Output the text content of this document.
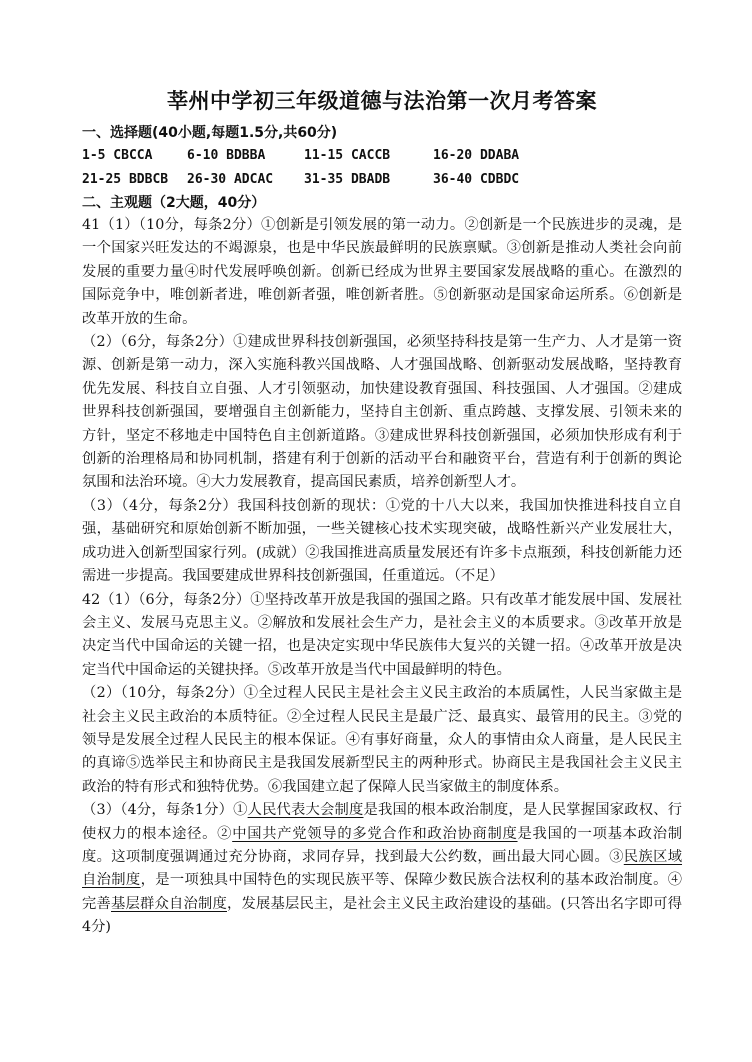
莘州中学初三年级道德与法治第一次月考答案

一、选择题(40小题,每题1.5分,共60分)

1-5 CBCCA	6-10 BDBBA	11-15 CACCB	16-20 DDABA
21-25 BDBCB	26-30 ADCAC	31-35 DBADB	36-40 CDBDC

二、主观题（2大题，40分）

41（1）（10分，每条2分）①创新是引领发展的第一动力。②创新是一个民族进步的灵魂，是一个国家兴旺发达的不竭源泉，也是中华民族最鲜明的民族禀赋。③创新是推动人类社会向前发展的重要力量④时代发展呼唤创新。创新已经成为世界主要国家发展战略的重心。在激烈的国际竞争中，唯创新者进，唯创新者强，唯创新者胜。⑤创新驱动是国家命运所系。⑥创新是改革开放的生命。

（2）（6分，每条2分）①建成世界科技创新强国，必须坚持科技是第一生产力、人才是第一资源、创新是第一动力，深入实施科教兴国战略、人才强国战略、创新驱动发展战略，坚持教育优先发展、科技自立自强、人才引领驱动，加快建设教育强国、科技强国、人才强国。②建成世界科技创新强国，要增强自主创新能力，坚持自主创新、重点跨越、支撑发展、引领未来的方针，坚定不移地走中国特色自主创新道路。③建成世界科技创新强国，必须加快形成有利于创新的治理格局和协同机制，搭建有利于创新的活动平台和融资平台，营造有利于创新的舆论氛围和法治环境。④大力发展教育，提高国民素质，培养创新型人才。

（3）（4分，每条2分）我国科技创新的现状：①党的十八大以来，我国加快推进科技自立自强，基础研究和原始创新不断加强，一些关键核心技术实现突破，战略性新兴产业发展壮大，成功进入创新型国家行列。(成就）②我国推进高质量发展还有许多卡点瓶颈，科技创新能力还需进一步提高。我国要建成世界科技创新强国，任重道远。（不足）

42（1）（6分，每条2分）①坚持改革开放是我国的强国之路。只有改革才能发展中国、发展社会主义、发展马克思主义。②解放和发展社会生产力，是社会主义的本质要求。③改革开放是决定当代中国命运的关键一招，也是决定实现中华民族伟大复兴的关键一招。④改革开放是决定当代中国命运的关键抉择。⑤改革开放是当代中国最鲜明的特色。

（2）（10分，每条2分）①全过程人民民主是社会主义民主政治的本质属性，人民当家做主是社会主义民主政治的本质特征。②全过程人民民主是最广泛、最真实、最管用的民主。③党的领导是发展全过程人民民主的根本保证。④有事好商量，众人的事情由众人商量，是人民民主的真谛⑤选举民主和协商民主是我国发展新型民主的两种形式。协商民主是我国社会主义民主政治的特有形式和独特优势。⑥我国建立起了保障人民当家做主的制度体系。

（3）（4分，每条1分）①人民代表大会制度是我国的根本政治制度，是人民掌握国家政权、行使权力的根本途径。②中国共产党领导的多党合作和政治协商制度是我国的一项基本政治制度。这项制度强调通过充分协商，求同存异，找到最大公约数，画出最大同心圆。③民族区域自治制度，是一项独具中国特色的实现民族平等、保障少数民族合法权利的基本政治制度。④完善基层群众自治制度，发展基层民主，是社会主义民主政治建设的基础。(只答出名字即可得4分)
